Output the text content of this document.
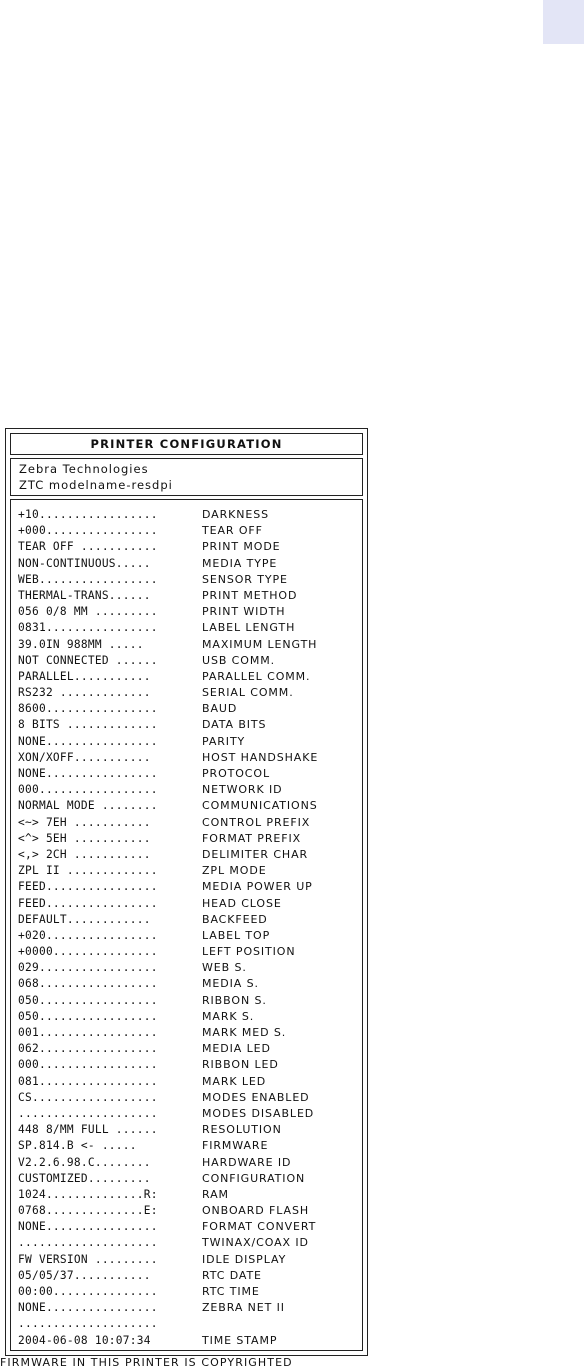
PRINTER CONFIGURATION
Zebra Technologies
ZTC modelname-resdpi
+10.................	DARKNESS
+000................	TEAR OFF
TEAR OFF ...........	PRINT MODE
NON-CONTINUOUS.....	MEDIA TYPE
WEB.................	SENSOR TYPE
THERMAL-TRANS......	PRINT METHOD
056 0/8 MM .........	PRINT WIDTH
0831................	LABEL LENGTH
39.0IN 988MM .....	MAXIMUM LENGTH
NOT CONNECTED ......	USB COMM.
PARALLEL...........	PARALLEL COMM.
RS232 .............	SERIAL COMM.
8600................	BAUD
8 BITS .............	DATA BITS
NONE................	PARITY
XON/XOFF...........	HOST HANDSHAKE
NONE................	PROTOCOL
000.................	NETWORK ID
NORMAL MODE ........	COMMUNICATIONS
<~> 7EH ...........	CONTROL PREFIX
<^> 5EH ...........	FORMAT PREFIX
<,> 2CH ...........	DELIMITER CHAR
ZPL II .............	ZPL MODE
FEED................	MEDIA POWER UP
FEED................	HEAD CLOSE
DEFAULT............	BACKFEED
+020................	LABEL TOP
+0000...............	LEFT POSITION
029.................	WEB S.
068.................	MEDIA S.
050.................	RIBBON S.
050.................	MARK S.
001.................	MARK MED S.
062.................	MEDIA LED
000.................	RIBBON LED
081.................	MARK LED
CS..................	MODES ENABLED
....................	MODES DISABLED
448 8/MM FULL ......	RESOLUTION
SP.814.B <- .....	FIRMWARE
V2.2.6.98.C........	HARDWARE ID
CUSTOMIZED.........	CONFIGURATION
1024..............R:	RAM
0768..............E:	ONBOARD FLASH
NONE................	FORMAT CONVERT
....................	TWINAX/COAX ID
FW VERSION .........	IDLE DISPLAY
05/05/37...........	RTC DATE
00:00...............	RTC TIME
NONE................	ZEBRA NET II
....................
2004-06-08 10:07:34	TIME STAMP
FIRMWARE IN THIS PRINTER IS COPYRIGHTED
